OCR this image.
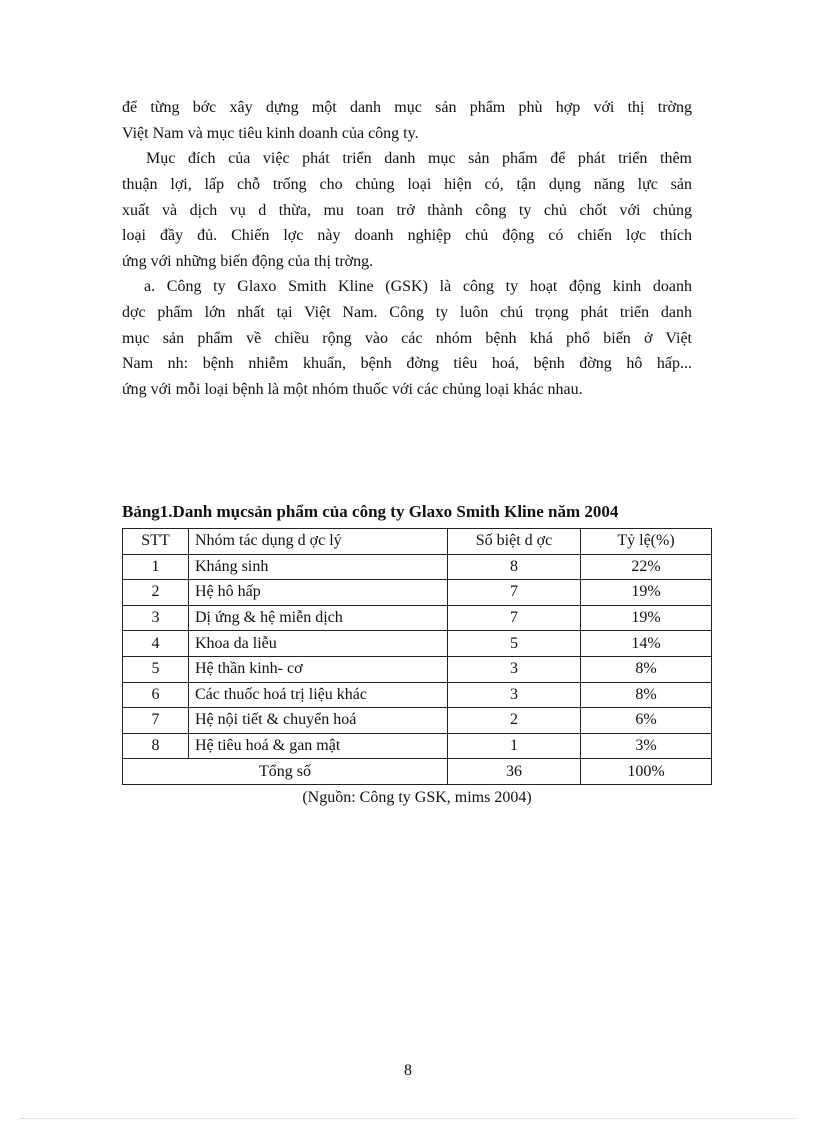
để từng bớc xây dựng một danh mục sản phẩm phù hợp với thị trờng
Việt Nam và mục tiêu kinh doanh của công ty.
Mục đích của việc phát triển danh mục sản phẩm để phát triển thêm
thuận lợi, lấp chỗ trống cho chủng loại hiện có, tận dụng năng lực sản
xuất và dịch vụ d thừa, mu toan trở thành công ty chủ chốt với chủng
loại đầy đủ. Chiến lợc này doanh nghiệp chủ động có chiến lợc thích
ứng với những biến động của thị trờng.
a. Công ty Glaxo Smith Kline (GSK) là công ty hoạt động kinh doanh
dợc phẩm lớn nhất tại Việt Nam. Công ty luôn chú trọng phát triển danh
mục sản phẩm về chiều rộng vào các nhóm bệnh khá phổ biến ở Việt
Nam nh: bệnh nhiễm khuẩn, bệnh đờng tiêu hoá, bệnh đờng hô hấp...
ứng với mỗi loại bệnh là một nhóm thuốc với các chủng loại khác nhau.
Bảng1.Danh mụcsản phẩm của công ty Glaxo Smith Kline năm 2004
STT	Nhóm tác dụng d ợc lý	Số biệt d ợc	Tỷ lệ(%)
1	Kháng sinh	8	22%
2	Hệ hô hấp	7	19%
3	Dị ứng & hệ miễn dịch	7	19%
4	Khoa da liễu	5	14%
5	Hệ thần kinh- cơ	3	8%
6	Các thuốc hoá trị liệu khác	3	8%
7	Hệ nội tiết & chuyển hoá	2	6%
8	Hệ tiêu hoá & gan mật	1	3%
Tổng số		36	100%
(Nguồn: Công ty GSK, mims 2004)
8
